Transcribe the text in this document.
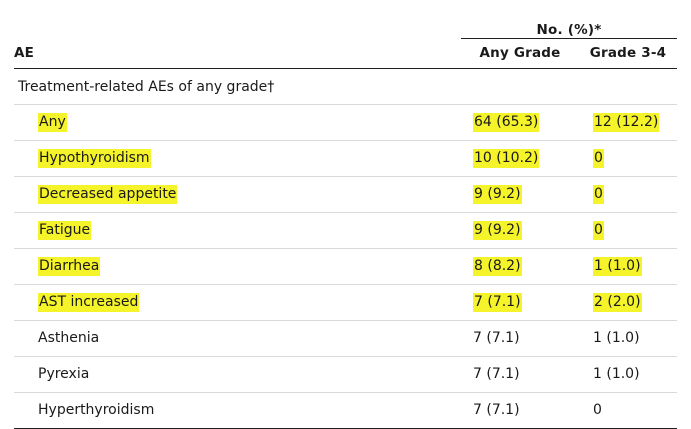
	No. (%)*	
AE	Any Grade	Grade 3-4
Treatment-related AEs of any grade†		
Any	64 (65.3)	12 (12.2)
Hypothyroidism	10 (10.2)	0
Decreased appetite	9 (9.2)	0
Fatigue	9 (9.2)	0
Diarrhea	8 (8.2)	1 (1.0)
AST increased	7 (7.1)	2 (2.0)
Asthenia	7 (7.1)	1 (1.0)
Pyrexia	7 (7.1)	1 (1.0)
Hyperthyroidism	7 (7.1)	0
